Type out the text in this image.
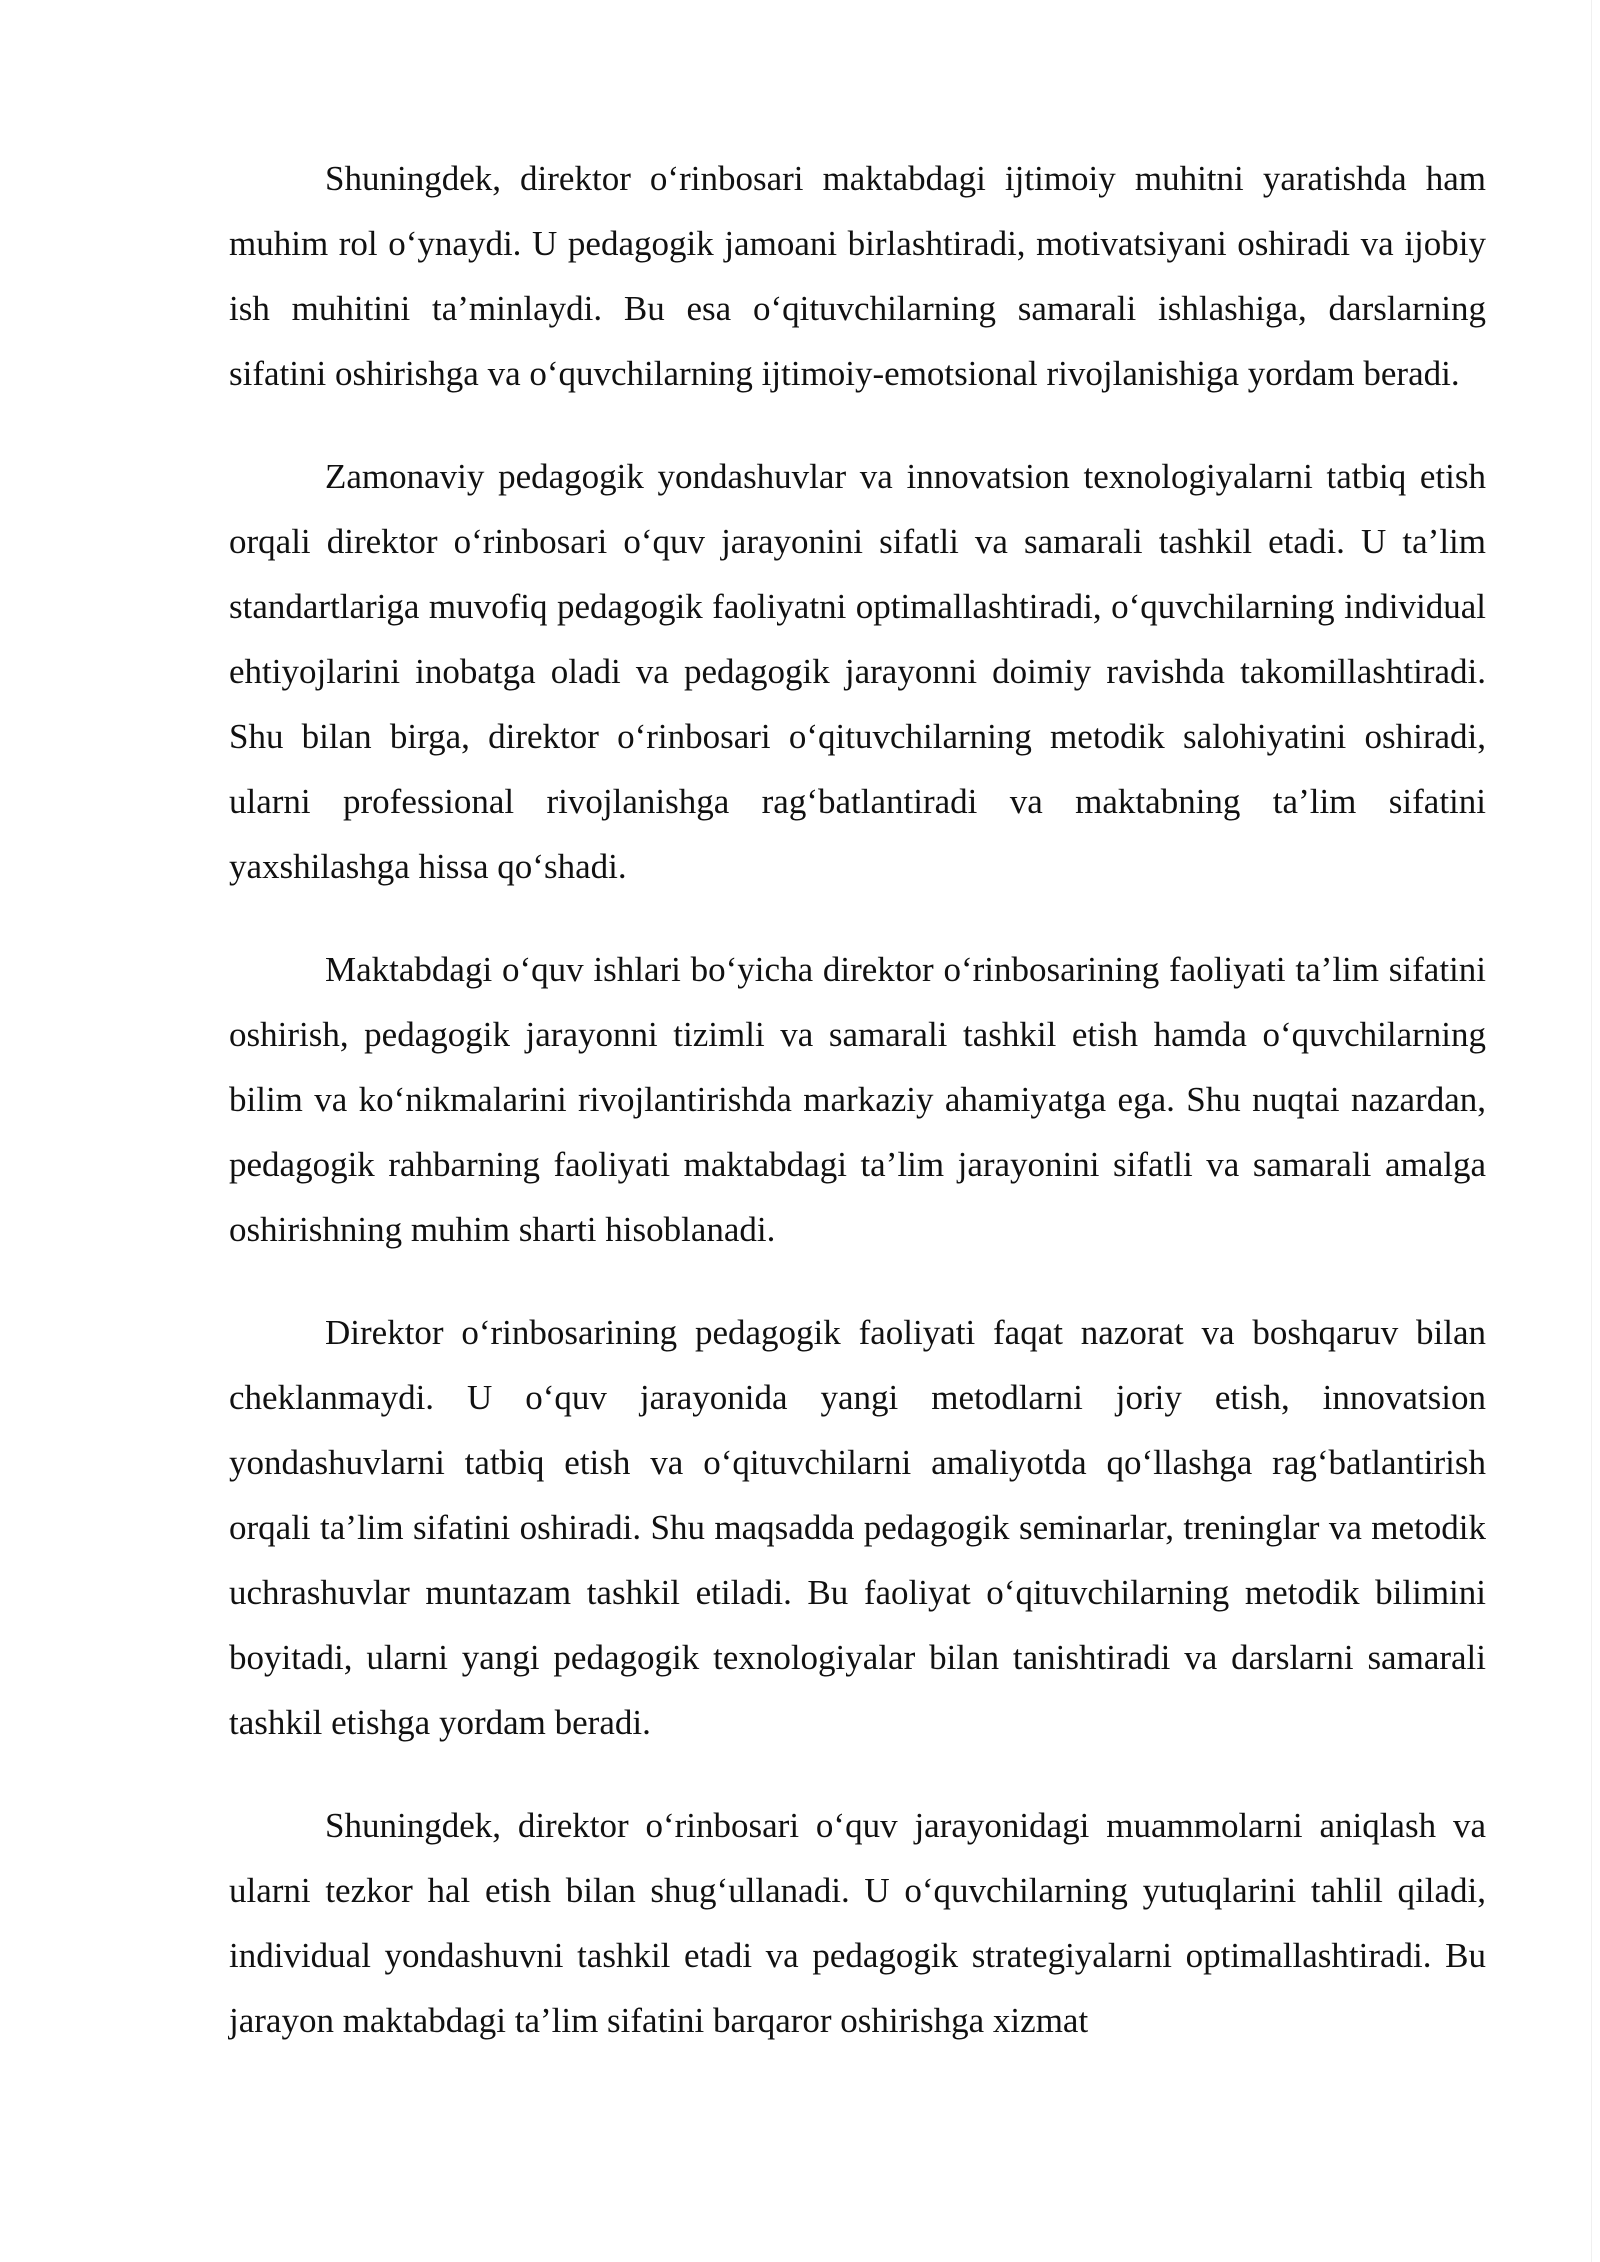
Shuningdek, direktor o‘rinbosari maktabdagi ijtimoiy muhitni yaratishda ham muhim rol o‘ynaydi. U pedagogik jamoani birlashtiradi, motivatsiyani oshiradi va ijobiy ish muhitini ta’minlaydi. Bu esa o‘qituvchilarning samarali ishlashiga, darslarning sifatini oshirishga va o‘quvchilarning ijtimoiy-emotsional rivojlanishiga yordam beradi.

Zamonaviy pedagogik yondashuvlar va innovatsion texnologiyalarni tatbiq etish orqali direktor o‘rinbosari o‘quv jarayonini sifatli va samarali tashkil etadi. U ta’lim standartlariga muvofiq pedagogik faoliyatni optimallashtiradi, o‘quvchilarning individual ehtiyojlarini inobatga oladi va pedagogik jarayonni doimiy ravishda takomillashtiradi. Shu bilan birga, direktor o‘rinbosari o‘qituvchilarning metodik salohiyatini oshiradi, ularni professional rivojlanishga rag‘batlantiradi va maktabning ta’lim sifatini yaxshilashga hissa qo‘shadi.

Maktabdagi o‘quv ishlari bo‘yicha direktor o‘rinbosarining faoliyati ta’lim sifatini oshirish, pedagogik jarayonni tizimli va samarali tashkil etish hamda o‘quvchilarning bilim va ko‘nikmalarini rivojlantirishda markaziy ahamiyatga ega. Shu nuqtai nazardan, pedagogik rahbarning faoliyati maktabdagi ta’lim jarayonini sifatli va samarali amalga oshirishning muhim sharti hisoblanadi.

Direktor o‘rinbosarining pedagogik faoliyati faqat nazorat va boshqaruv bilan cheklanmaydi. U o‘quv jarayonida yangi metodlarni joriy etish, innovatsion yondashuvlarni tatbiq etish va o‘qituvchilarni amaliyotda qo‘llashga rag‘batlantirish orqali ta’lim sifatini oshiradi. Shu maqsadda pedagogik seminarlar, treninglar va metodik uchrashuvlar muntazam tashkil etiladi. Bu faoliyat o‘qituvchilarning metodik bilimini boyitadi, ularni yangi pedagogik texnologiyalar bilan tanishtiradi va darslarni samarali tashkil etishga yordam beradi.

Shuningdek, direktor o‘rinbosari o‘quv jarayonidagi muammolarni aniqlash va ularni tezkor hal etish bilan shug‘ullanadi. U o‘quvchilarning yutuqlarini tahlil qiladi, individual yondashuvni tashkil etadi va pedagogik strategiyalarni optimallashtiradi. Bu jarayon maktabdagi ta’lim sifatini barqaror oshirishga xizmat
